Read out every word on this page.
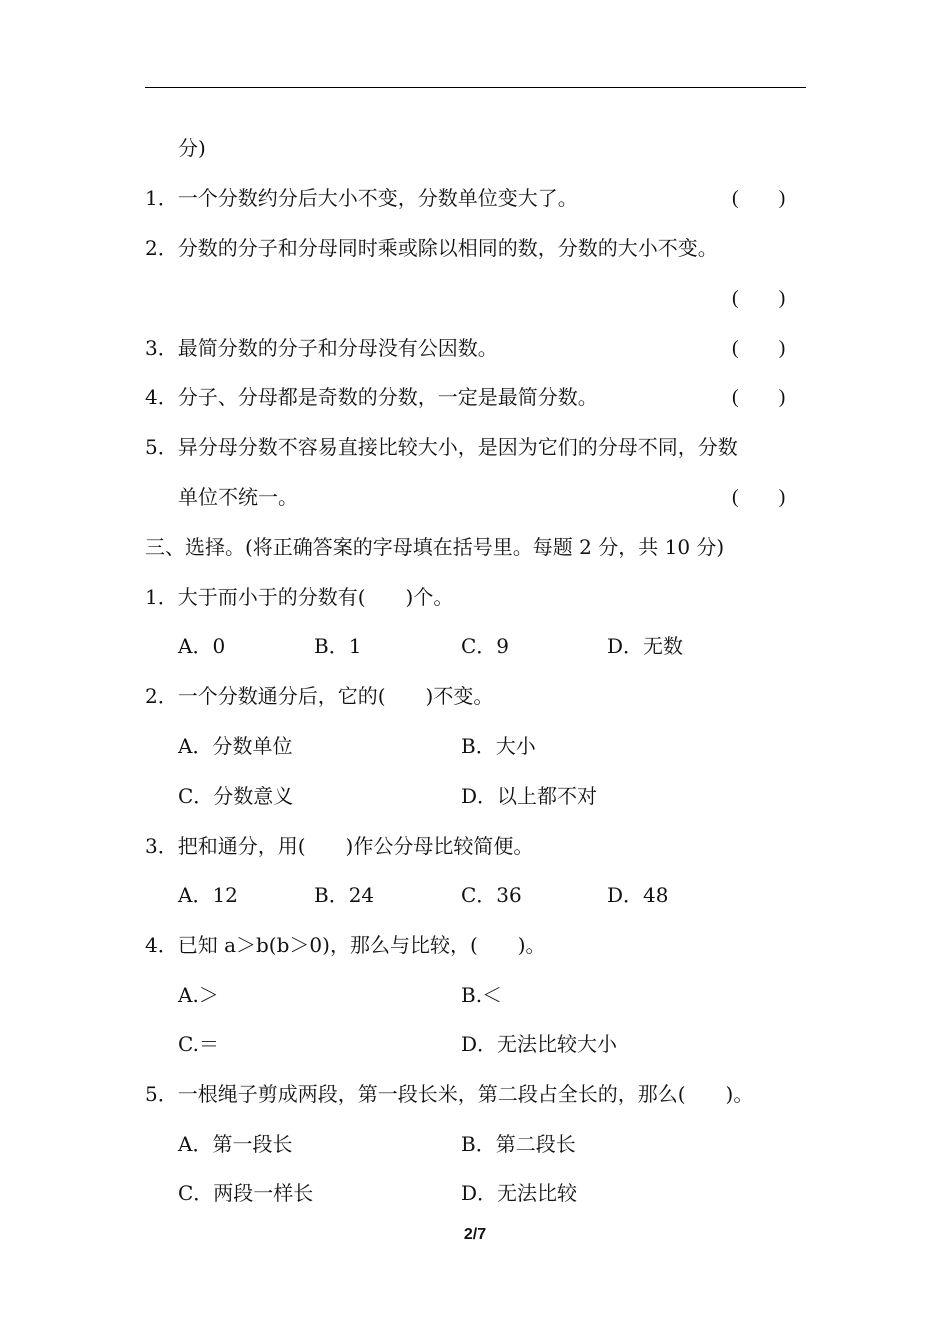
分)
1．一个分数约分后大小不变，分数单位变大了。	(　　)
2．分数的分子和分母同时乘或除以相同的数，分数的大小不变。
(　　)
3．最简分数的分子和分母没有公因数。	(　　)
4．分子、分母都是奇数的分数，一定是最简分数。	(　　)
5．异分母分数不容易直接比较大小，是因为它们的分母不同，分数
单位不统一。	(　　)
三、选择。(将正确答案的字母填在括号里。每题 2 分，共 10 分)
1．大于而小于的分数有(　　)个。
A．0	B．1	C．9	D．无数
2．一个分数通分后，它的(　　)不变。
A．分数单位	B．大小
C．分数意义	D．以上都不对
3．把和通分，用(　　)作公分母比较简便。
A．12	B．24	C．36	D．48
4．已知 a＞b(b＞0)，那么与比较，(　　)。
A.＞	B.＜
C.＝	D．无法比较大小
5．一根绳子剪成两段，第一段长米，第二段占全长的，那么(　　)。
A．第一段长	B．第二段长
C．两段一样长	D．无法比较
2/7
